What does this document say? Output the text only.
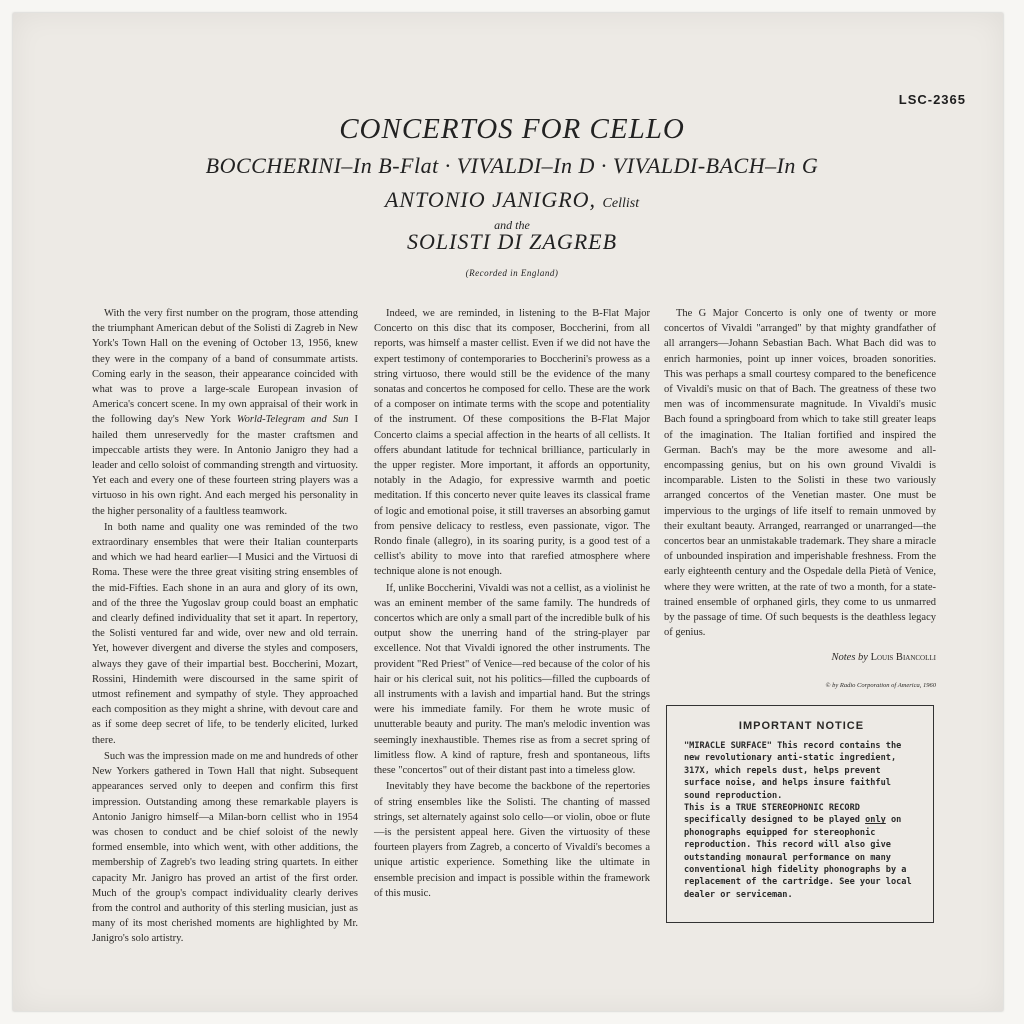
LSC-2365
CONCERTOS FOR CELLO
BOCCHERINI–In B-Flat · VIVALDI–In D · VIVALDI-BACH–In G
ANTONIO JANIGRO, Cellist
and the
SOLISTI DI ZAGREB
(Recorded in England)

With the very first number on the program, those attending the triumphant American debut of the Solisti di Zagreb in New York's Town Hall on the evening of October 13, 1956, knew they were in the company of a band of consummate artists. Coming early in the season, their appearance coincided with what was to prove a large-scale European invasion of America's concert scene. In my own appraisal of their work in the following day's New York World-Telegram and Sun I hailed them unreservedly for the master craftsmen and impeccable artists they were. In Antonio Janigro they had a leader and cello soloist of commanding strength and virtuosity. Yet each and every one of these fourteen string players was a virtuoso in his own right. And each merged his personality in the higher personality of a faultless teamwork.

In both name and quality one was reminded of the two extraordinary ensembles that were their Italian counterparts and which we had heard earlier—I Musici and the Virtuosi di Roma. These were the three great visiting string ensembles of the mid-Fifties. Each shone in an aura and glory of its own, and of the three the Yugoslav group could boast an emphatic and clearly defined individuality that set it apart. In repertory, the Solisti ventured far and wide, over new and old terrain. Yet, however divergent and diverse the styles and composers, always they gave of their impartial best. Boccherini, Mozart, Rossini, Hindemith were discoursed in the same spirit of utmost refinement and sympathy of style. They approached each composition as they might a shrine, with devout care and as if some deep secret of life, to be tenderly elicited, lurked there.

Such was the impression made on me and hundreds of other New Yorkers gathered in Town Hall that night. Subsequent appearances served only to deepen and confirm this first impression. Outstanding among these remarkable players is Antonio Janigro himself—a Milan-born cellist who in 1954 was chosen to conduct and be chief soloist of the newly formed ensemble, into which went, with other additions, the membership of Zagreb's two leading string quartets. In either capacity Mr. Janigro has proved an artist of the first order. Much of the group's compact individuality clearly derives from the control and authority of this sterling musician, just as many of its most cherished moments are highlighted by Mr. Janigro's solo artistry.

Indeed, we are reminded, in listening to the B-Flat Major Concerto on this disc that its composer, Boccherini, from all reports, was himself a master cellist. Even if we did not have the expert testimony of contemporaries to Boccherini's prowess as a string virtuoso, there would still be the evidence of the many sonatas and concertos he composed for cello. These are the work of a composer on intimate terms with the scope and potentiality of the instrument. Of these compositions the B-Flat Major Concerto claims a special affection in the hearts of all cellists. It offers abundant latitude for technical brilliance, particularly in the upper register. More important, it affords an opportunity, notably in the Adagio, for expressive warmth and poetic meditation. If this concerto never quite leaves its classical frame of logic and emotional poise, it still traverses an absorbing gamut from pensive delicacy to restless, even passionate, vigor. The Rondo finale (allegro), in its soaring purity, is a good test of a cellist's ability to move into that rarefied atmosphere where technique alone is not enough.

If, unlike Boccherini, Vivaldi was not a cellist, as a violinist he was an eminent member of the same family. The hundreds of concertos which are only a small part of the incredible bulk of his output show the unerring hand of the string-player par excellence. Not that Vivaldi ignored the other instruments. The provident "Red Priest" of Venice—red because of the color of his hair or his clerical suit, not his politics—filled the cupboards of all instruments with a lavish and impartial hand. But the strings were his immediate family. For them he wrote music of unutterable beauty and purity. The man's melodic invention was seemingly inexhaustible. Themes rise as from a secret spring of limitless flow. A kind of rapture, fresh and spontaneous, lifts these "concertos" out of their distant past into a timeless glow.

Inevitably they have become the backbone of the repertories of string ensembles like the Solisti. The chanting of massed strings, set alternately against solo cello—or violin, oboe or flute—is the persistent appeal here. Given the virtuosity of these fourteen players from Zagreb, a concerto of Vivaldi's becomes a unique artistic experience. Something like the ultimate in ensemble precision and impact is possible within the framework of this music.

The G Major Concerto is only one of twenty or more concertos of Vivaldi "arranged" by that mighty grandfather of all arrangers—Johann Sebastian Bach. What Bach did was to enrich harmonies, point up inner voices, broaden sonorities. This was perhaps a small courtesy compared to the beneficence of Vivaldi's music on that of Bach. The greatness of these two men was of incommensurate magnitude. In Vivaldi's music Bach found a springboard from which to take still greater leaps of the imagination. The Italian fortified and inspired the German. Bach's may be the more awesome and all-encompassing genius, but on his own ground Vivaldi is incomparable. Listen to the Solisti in these two variously arranged concertos of the Venetian master. One must be impervious to the urgings of life itself to remain unmoved by their exultant beauty. Arranged, rearranged or unarranged—the concertos bear an unmistakable trademark. They share a miracle of unbounded inspiration and imperishable freshness. From the early eighteenth century and the Ospedale della Pietà of Venice, where they were written, at the rate of two a month, for a state-trained ensemble of orphaned girls, they come to us unmarred by the passage of time. Of such bequests is the deathless legacy of genius.

Notes by Louis Biancolli
© by Radio Corporation of America, 1960
IMPORTANT NOTICE

"MIRACLE SURFACE" This record contains the new revolutionary anti-static ingredient, 317X, which repels dust, helps prevent surface noise, and helps insure faithful sound reproduction.

This is a TRUE STEREOPHONIC RECORD specifically designed to be played only on phonographs equipped for stereophonic reproduction. This record will also give outstanding monaural performance on many conventional high fidelity phonographs by a replacement of the cartridge. See your local dealer or serviceman.
